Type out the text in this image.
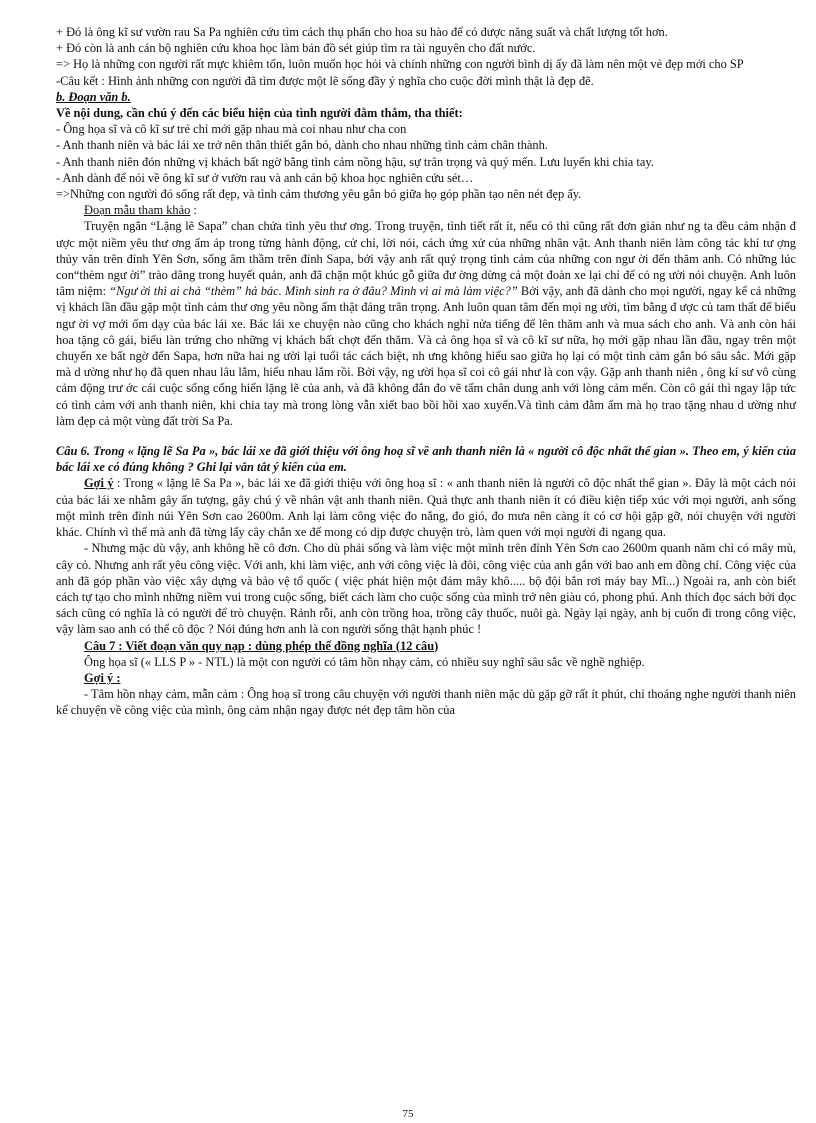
+ Đó là ông kĩ sư vườn rau Sa Pa nghiên cứu tìm cách thụ phấn cho hoa su hào để có được năng suất và chất lượng tốt hơn.

+ Đó còn là anh cán bộ nghiên cứu khoa học làm bản đồ sét giúp tìm ra tài nguyên cho đất nước.

=> Họ là những con người rất mực khiêm tốn, luôn muốn học hỏi và chính những con người bình dị ấy đã làm nên một vẻ đẹp mới cho SP

-Câu kết : Hình ảnh những con người đã tìm được một lẽ sống đầy ý nghĩa cho cuộc đời mình thật là đẹp đẽ.

b. Đoạn văn b.

Về nội dung, cần chú ý đến các biểu hiện của tình người đằm thắm, tha thiết:

- Ông họa sĩ và cô kĩ sư trẻ chỉ mới gặp nhau mà coi nhau như cha con

- Anh thanh niên và bác lái xe trở nên thân thiết gắn bó, dành cho nhau những tình cảm chân thành.

- Anh thanh niên đón những vị khách bất ngờ bằng tình cảm nồng hậu, sự trân trọng và quý mến. Lưu luyến khi chia tay.

- Anh dành để nói về ông kĩ sư ở vườn rau và anh cán bộ khoa học nghiên cứu sét…

=>Những con người đó sống rất đẹp, và tình cảm thương yêu gắn bó giữa họ góp phần tạo nên nét đẹp ấy.

Đoạn mẫu tham khảo :

Truyện ngắn “Lặng lẽ Sapa” chan chứa tình yêu thư ơng. Trong truyện, tình tiết rất ít, nếu có thì cũng rất đơn giản như ng ta đều cảm nhận đ ược một niềm yêu thư ơng ấm áp trong từng hành động, cử chỉ, lời nói, cách ứng xử của những nhân vật. Anh thanh niên làm công tác khí tư ợng thủy văn trên đỉnh Yên Sơn, sống âm thầm trên đỉnh Sapa, bởi vậy anh rất quý trọng tình cảm của những con ngư ời đến thăm anh. Có những lúc con“thèm ngư ời” trào dâng trong huyết quản, anh đã chặn một khúc gỗ giữa đư ờng dừng cả một đoàn xe lại chỉ để có ng ười nói chuyện. Anh luôn tâm niệm: “Ngư ời thì ai chả “thèm” hả bác. Mình sinh ra ở đâu? Mình vì ai mà làm việc?” Bởi vậy, anh đã dành cho mọi người, ngay kể cả những vị khách lần đầu gặp một tình cảm thư ơng yêu nồng ấm thật đáng trân trọng. Anh luôn quan tâm đến mọi ng ười, tìm bằng đ ược củ tam thất để biếu ngư ời vợ mới ốm dạy của bác lái xe. Bác lái xe chuyện nào cũng cho khách nghỉ nửa tiếng để lên thăm anh và mua sách cho anh. Và anh còn hái hoa tặng cô gái, biếu làn trứng cho những vị khách bất chợt đến thăm. Và cả ông họa sĩ và cô kĩ sư nữa, họ mới gặp nhau lần đầu, ngay trên một chuyến xe bất ngờ đến Sapa, hơn nữa hai ng ười lại tuổi tác cách biệt, nh ưng không hiểu sao giữa họ lại có một tình cảm gắn bó sâu sắc. Mới gặp mà d ường như họ đã quen nhau lâu lắm, hiểu nhau lắm rồi. Bởi vậy, ng ười họa sĩ coi cô gái như là con vậy. Gặp anh thanh niên , ông kí sư vô cùng cảm động trư ớc cái cuộc sống cống hiến lặng lẽ của anh, và đã không đắn đo vẽ tấm chân dung anh với lòng cảm mến. Còn cô gái thì ngay lập tức có tình cảm với anh thanh niên, khi chia tay mà trong lòng vẫn xiết bao bồi hồi xao xuyến.Và tình cảm đằm ấm mà họ trao tặng nhau d ường như làm đẹp cả một vùng đất trời Sa Pa.

Câu 6. Trong « lặng lẽ Sa Pa », bác lái xe đã giới thiệu với ông hoạ sĩ về anh thanh niên là « người cô độc nhất thế gian ». Theo em, ý kiến của bác lái xe có đúng không ? Ghi lại vắn tắt ý kiến của em.

Gợi ý : Trong « lặng lẽ Sa Pa », bác lái xe đã giới thiệu với ông hoạ sĩ : « anh thanh niên là người cô độc nhất thế gian ». Đây là một cách nói của bác lái xe nhằm gây ấn tượng, gây chú ý về nhân vật anh thanh niên. Quả thực anh thanh niên ít có điều kiện tiếp xúc với mọi người, anh sống một mình trên đỉnh núi Yên Sơn cao 2600m. Anh lại làm công việc đo nắng, đo gió, đo mưa nên càng ít có cơ hội gặp gỡ, nói chuyện với người khác. Chính vì thế mà anh đã từng lấy cây chắn xe để mong có dịp được chuyện trò, làm quen với mọi người đi ngang qua.

- Nhưng mặc dù vậy, anh không hề cô đơn. Cho dù phải sống và làm việc một mình trên đỉnh Yên Sơn cao 2600m quanh năm chỉ có mây mù, cây cỏ. Nhưng anh rất yêu công việc. Với anh, khi làm việc, anh với công việc là đôi, công việc của anh gắn với bao anh em đồng chí. Công việc của anh đã góp phần vào việc xây dựng và bảo vệ tổ quốc ( việc phát hiện một đám mây khô..... bộ đội bắn rơi máy bay Mĩ...) Ngoài ra, anh còn biết cách tự tạo cho mình những niềm vui trong cuộc sống, biết cách làm cho cuộc sống của mình trở nên giàu có, phong phú. Anh thích đọc sách bởi đọc sách cũng có nghĩa là có người để trò chuyện. Rảnh rỗi, anh còn trồng hoa, trồng cây thuốc, nuôi gà. Ngày lại ngày, anh bị cuốn đi trong công việc, vậy làm sao anh có thể cô độc ? Nói đúng hơn anh là con người sống thật hạnh phúc !

Câu 7 : Viết đoạn văn quy nạp : dùng phép thế đồng nghĩa (12 câu)

Ông họa sĩ (« LLS P » - NTL) là một con người có tâm hồn nhạy cảm, có nhiều suy nghĩ sâu sắc về nghề nghiệp.

Gợi ý :

- Tâm hồn nhạy cảm, mẫn cảm : Ông hoạ sĩ trong câu chuyện với người thanh niên mặc dù gặp gỡ rất ít phút, chỉ thoáng nghe người thanh niên kể chuyện về công việc của mình, ông cảm nhận ngay được nét đẹp tâm hồn của

75
